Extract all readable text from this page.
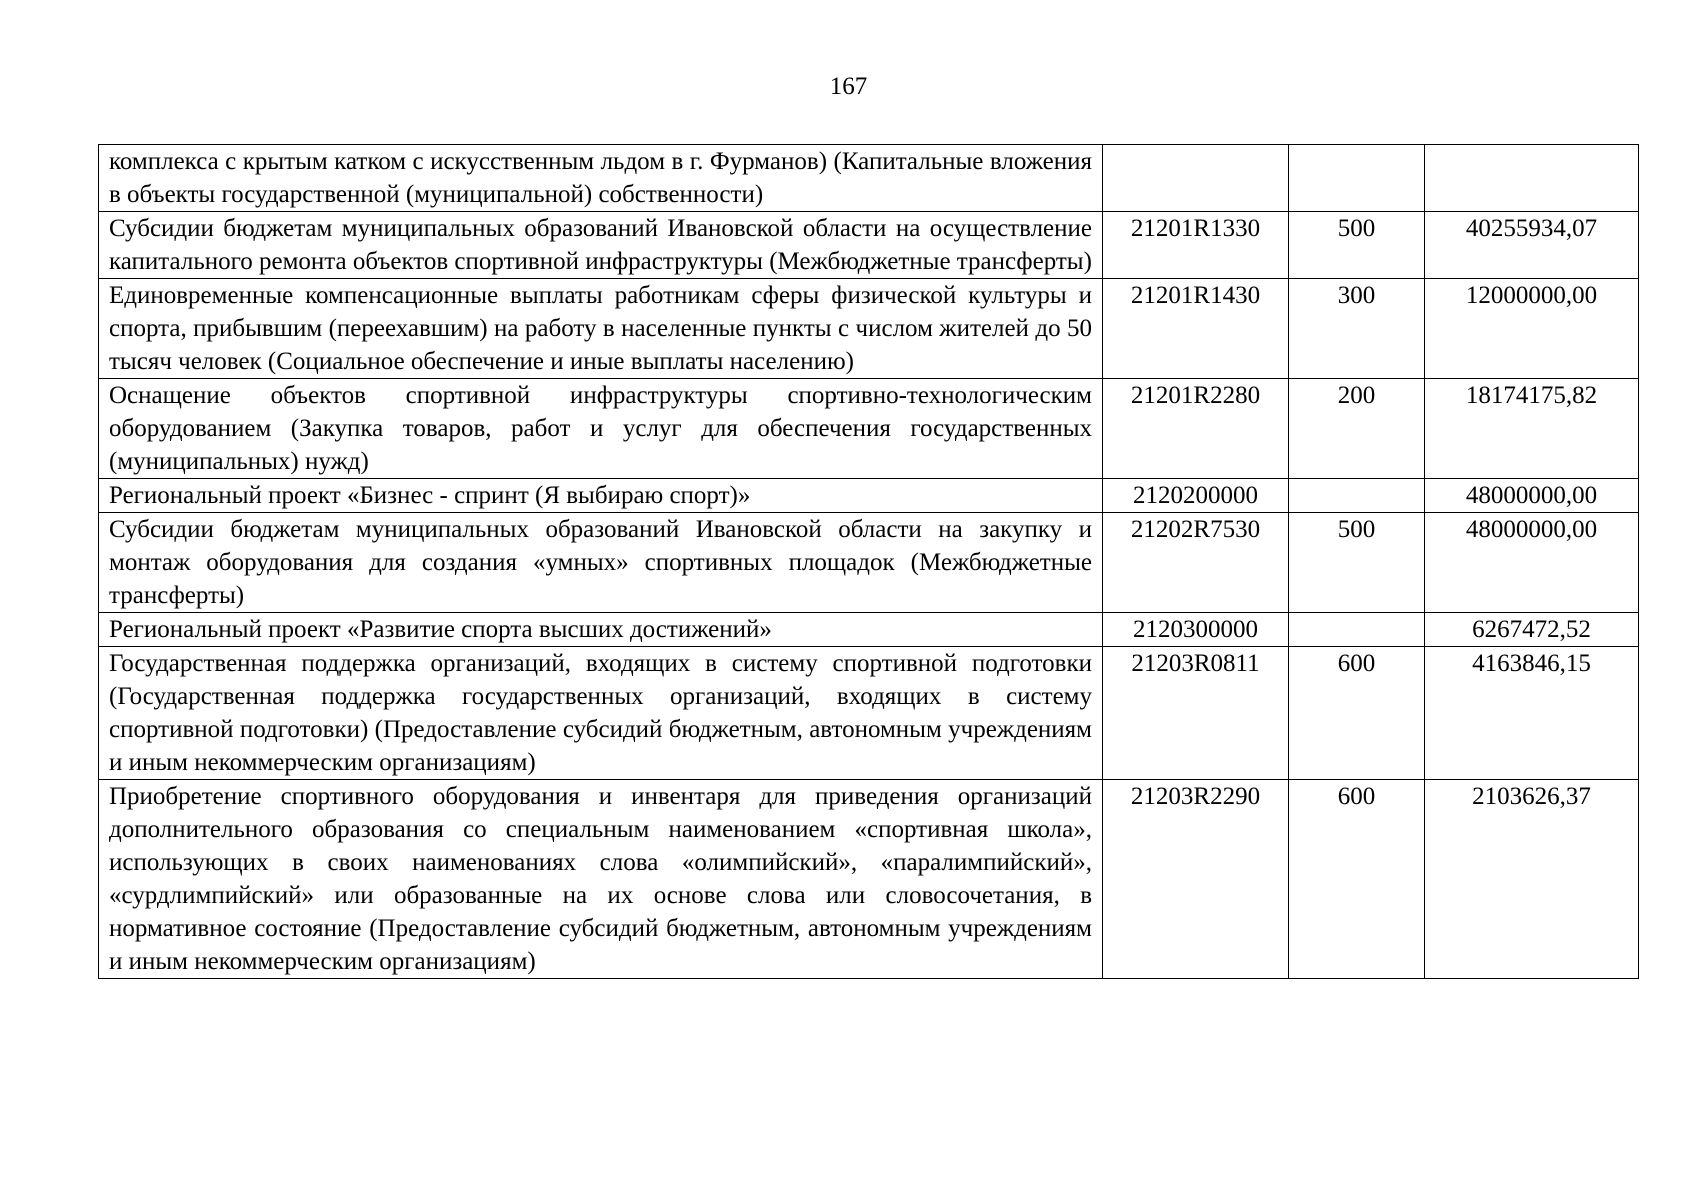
167
комплекса с крытым катком с искусственным льдом в г. Фурманов) (Капитальные вложения в объекты государственной (муниципальной) собственности)			
Субсидии бюджетам муниципальных образований Ивановской области на осуществление капитального ремонта объектов спортивной инфраструктуры (Межбюджетные трансферты)	21201R1330	500	40255934,07
Единовременные компенсационные выплаты работникам сферы физической культуры и спорта, прибывшим (переехавшим) на работу в населенные пункты с числом жителей до 50 тысяч человек (Социальное обеспечение и иные выплаты населению)	21201R1430	300	12000000,00
Оснащение объектов спортивной инфраструктуры спортивно-технологическим оборудованием (Закупка товаров, работ и услуг для обеспечения государственных (муниципальных) нужд)	21201R2280	200	18174175,82
Региональный проект «Бизнес - спринт (Я выбираю спорт)»	2120200000		48000000,00
Субсидии бюджетам муниципальных образований Ивановской области на закупку и монтаж оборудования для создания «умных» спортивных площадок (Межбюджетные трансферты)	21202R7530	500	48000000,00
Региональный проект «Развитие спорта высших достижений»	2120300000		6267472,52
Государственная поддержка организаций, входящих в систему спортивной подготовки (Государственная поддержка государственных организаций, входящих в систему спортивной подготовки) (Предоставление субсидий бюджетным, автономным учреждениям и иным некоммерческим организациям)	21203R0811	600	4163846,15
Приобретение спортивного оборудования и инвентаря для приведения организаций дополнительного образования со специальным наименованием «спортивная школа», использующих в своих наименованиях слова «олимпийский», «паралимпийский», «сурдлимпийский» или образованные на их основе слова или словосочетания, в нормативное состояние (Предоставление субсидий бюджетным, автономным учреждениям и иным некоммерческим организациям)	21203R2290	600	2103626,37
